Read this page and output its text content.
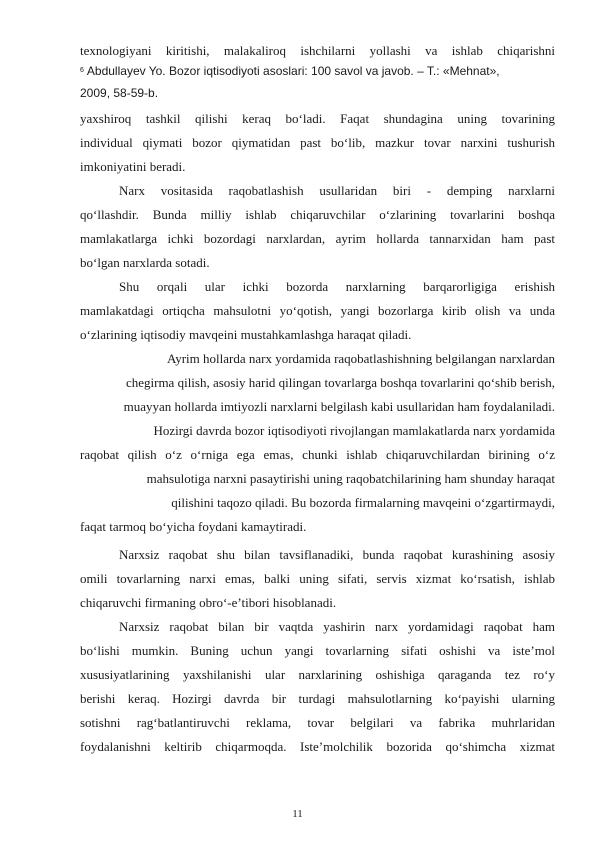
texnologiyani kiritishi, malakaliroq ishchilarni yollashi va ishlab chiqarishni
$^6$ Abdullayev Yo. Bozor iqtisodiyoti asoslari: 100 savol va javob. – T.: «Mehnat»,
2009, 58-59-b.
yaxshiroq tashkil qilishi keraq bo‘ladi. Faqat shundagina uning tovarining
individual qiymati bozor qiymatidan past bo‘lib, mazkur tovar narxini tushurish
imkoniyatini beradi.
Narx vositasida raqobatlashish usullaridan biri - demping narxlarni
qo‘llashdir. Bunda milliy ishlab chiqaruvchilar o‘zlarining tovarlarini boshqa
mamlakatlarga ichki bozordagi narxlardan, ayrim hollarda tannarxidan ham past
bo‘lgan narxlarda sotadi.
Shu orqali ular ichki bozorda narxlarning barqarorligiga erishish
mamlakatdagi ortiqcha mahsulotni yo‘qotish, yangi bozorlarga kirib olish va unda
o‘zlarining iqtisodiy mavqeini mustahkamlashga haraqat qiladi.
Ayrim hollarda narx yordamida raqobatlashishning belgilangan narxlardan
chegirma qilish, asosiy harid qilingan tovarlarga boshqa tovarlarini qo‘shib berish,
muayyan hollarda imtiyozli narxlarni belgilash kabi usullaridan ham foydalaniladi.
Hozirgi davrda bozor iqtisodiyoti rivojlangan mamlakatlarda narx yordamida
raqobat qilish o‘z o‘rniga ega emas, chunki ishlab chiqaruvchilardan birining o‘z
mahsulotiga narxni pasaytirishi uning raqobatchilarining ham shunday haraqat
qilishini taqozo qiladi. Bu bozorda firmalarning mavqeini o‘zgartirmaydi,
faqat tarmoq bo‘yicha foydani kamaytiradi.
Narxsiz raqobat shu bilan tavsiflanadiki, bunda raqobat kurashining asosiy
omili tovarlarning narxi emas, balki uning sifati, servis xizmat ko‘rsatish, ishlab
chiqaruvchi firmaning obro‘-e’tibori hisoblanadi.
Narxsiz raqobat bilan bir vaqtda yashirin narx yordamidagi raqobat ham
bo‘lishi mumkin. Buning uchun yangi tovarlarning sifati oshishi va iste’mol
xususiyatlarining yaxshilanishi ular narxlarining oshishiga qaraganda tez ro‘y
berishi keraq. Hozirgi davrda bir turdagi mahsulotlarning ko‘payishi ularning
sotishni rag‘batlantiruvchi reklama, tovar belgilari va fabrika muhrlaridan
foydalanishni keltirib chiqarmoqda. Iste’molchilik bozorida qo‘shimcha xizmat
11
